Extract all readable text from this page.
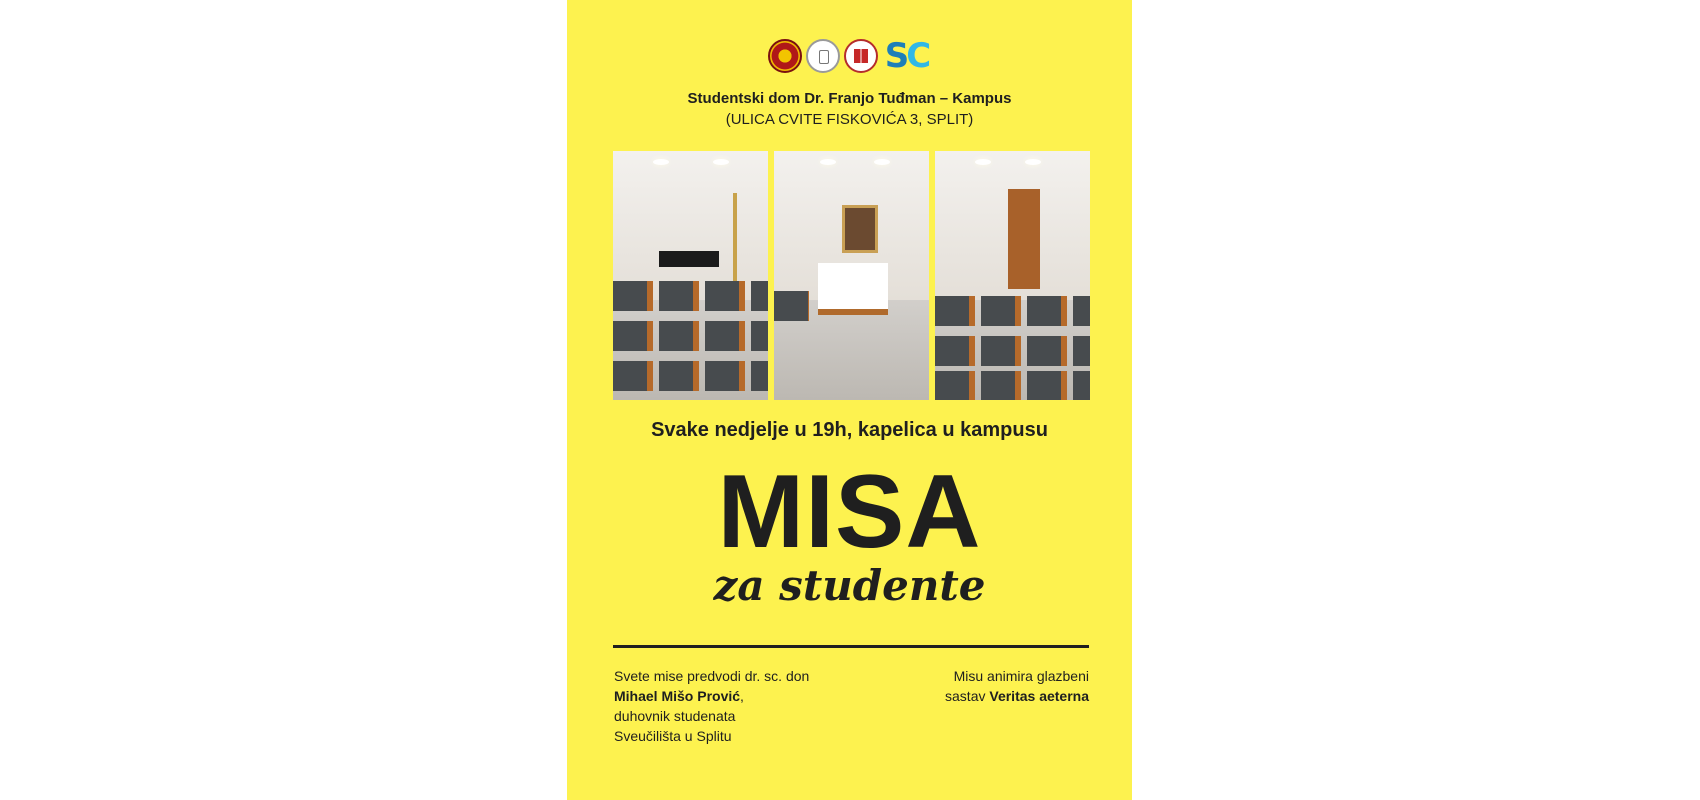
SC
Studentski dom Dr. Franjo Tuđman – Kampus
(ULICA CVITE FISKOVIĆA 3, SPLIT)
Svake nedjelje u 19h, kapelica u kampusu
MISA
za studente
Svete mise predvodi dr. sc. don
Mihael Mišo Prović,
duhovnik studenata
Sveučilišta u Splitu
Misu animira glazbeni
sastav Veritas aeterna
